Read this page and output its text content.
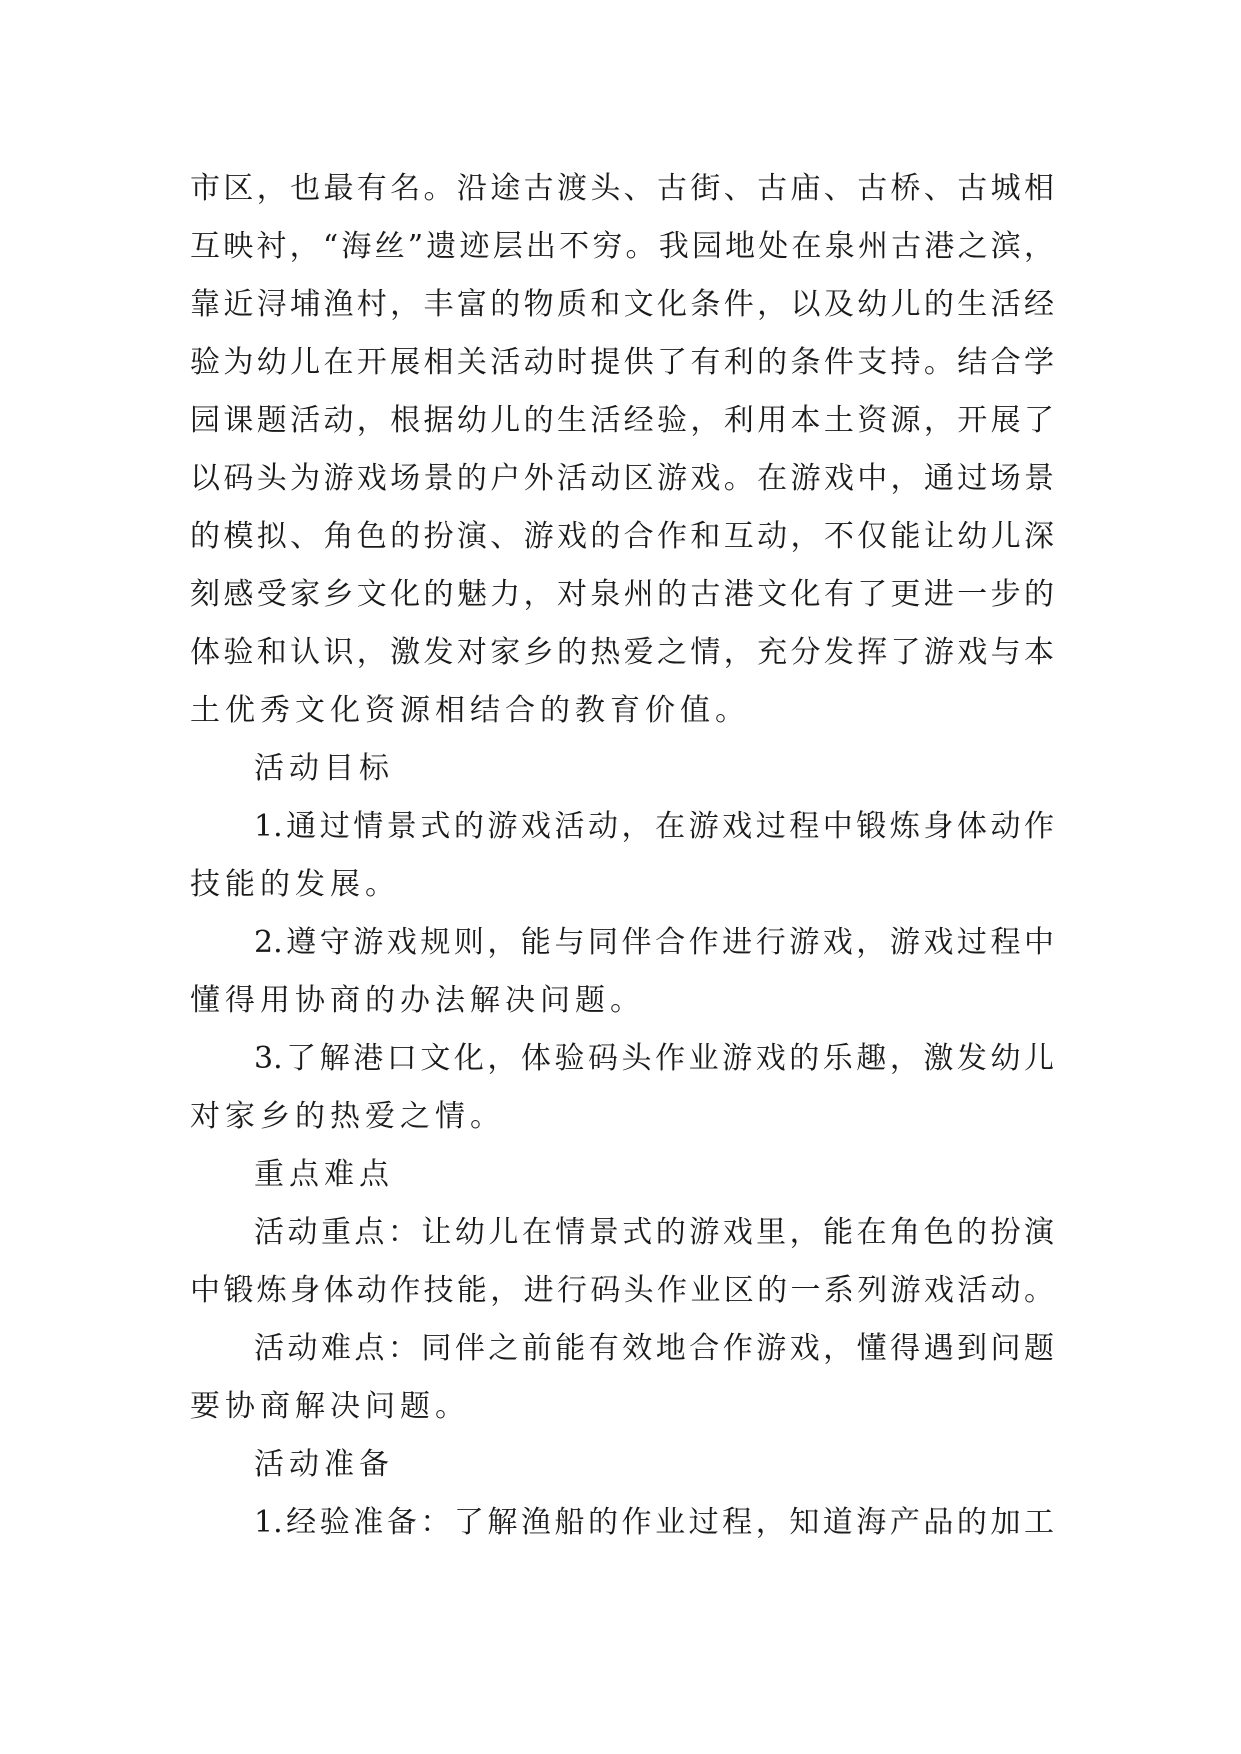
市区，也最有名。沿途古渡头、古街、古庙、古桥、古城相
互映衬，“海丝”遗迹层出不穷。我园地处在泉州古港之滨，
靠近浔埔渔村，丰富的物质和文化条件，以及幼儿的生活经
验为幼儿在开展相关活动时提供了有利的条件支持。结合学
园课题活动，根据幼儿的生活经验，利用本土资源，开展了
以码头为游戏场景的户外活动区游戏。在游戏中，通过场景
的模拟、角色的扮演、游戏的合作和互动，不仅能让幼儿深
刻感受家乡文化的魅力，对泉州的古港文化有了更进一步的
体验和认识，激发对家乡的热爱之情，充分发挥了游戏与本
土优秀文化资源相结合的教育价值。
活动目标
1.通过情景式的游戏活动，在游戏过程中锻炼身体动作
技能的发展。
2.遵守游戏规则，能与同伴合作进行游戏，游戏过程中
懂得用协商的办法解决问题。
3.了解港口文化，体验码头作业游戏的乐趣，激发幼儿
对家乡的热爱之情。
重点难点
活动重点：让幼儿在情景式的游戏里，能在角色的扮演
中锻炼身体动作技能，进行码头作业区的一系列游戏活动。
活动难点：同伴之前能有效地合作游戏，懂得遇到问题
要协商解决问题。
活动准备
1.经验准备：了解渔船的作业过程，知道海产品的加工
